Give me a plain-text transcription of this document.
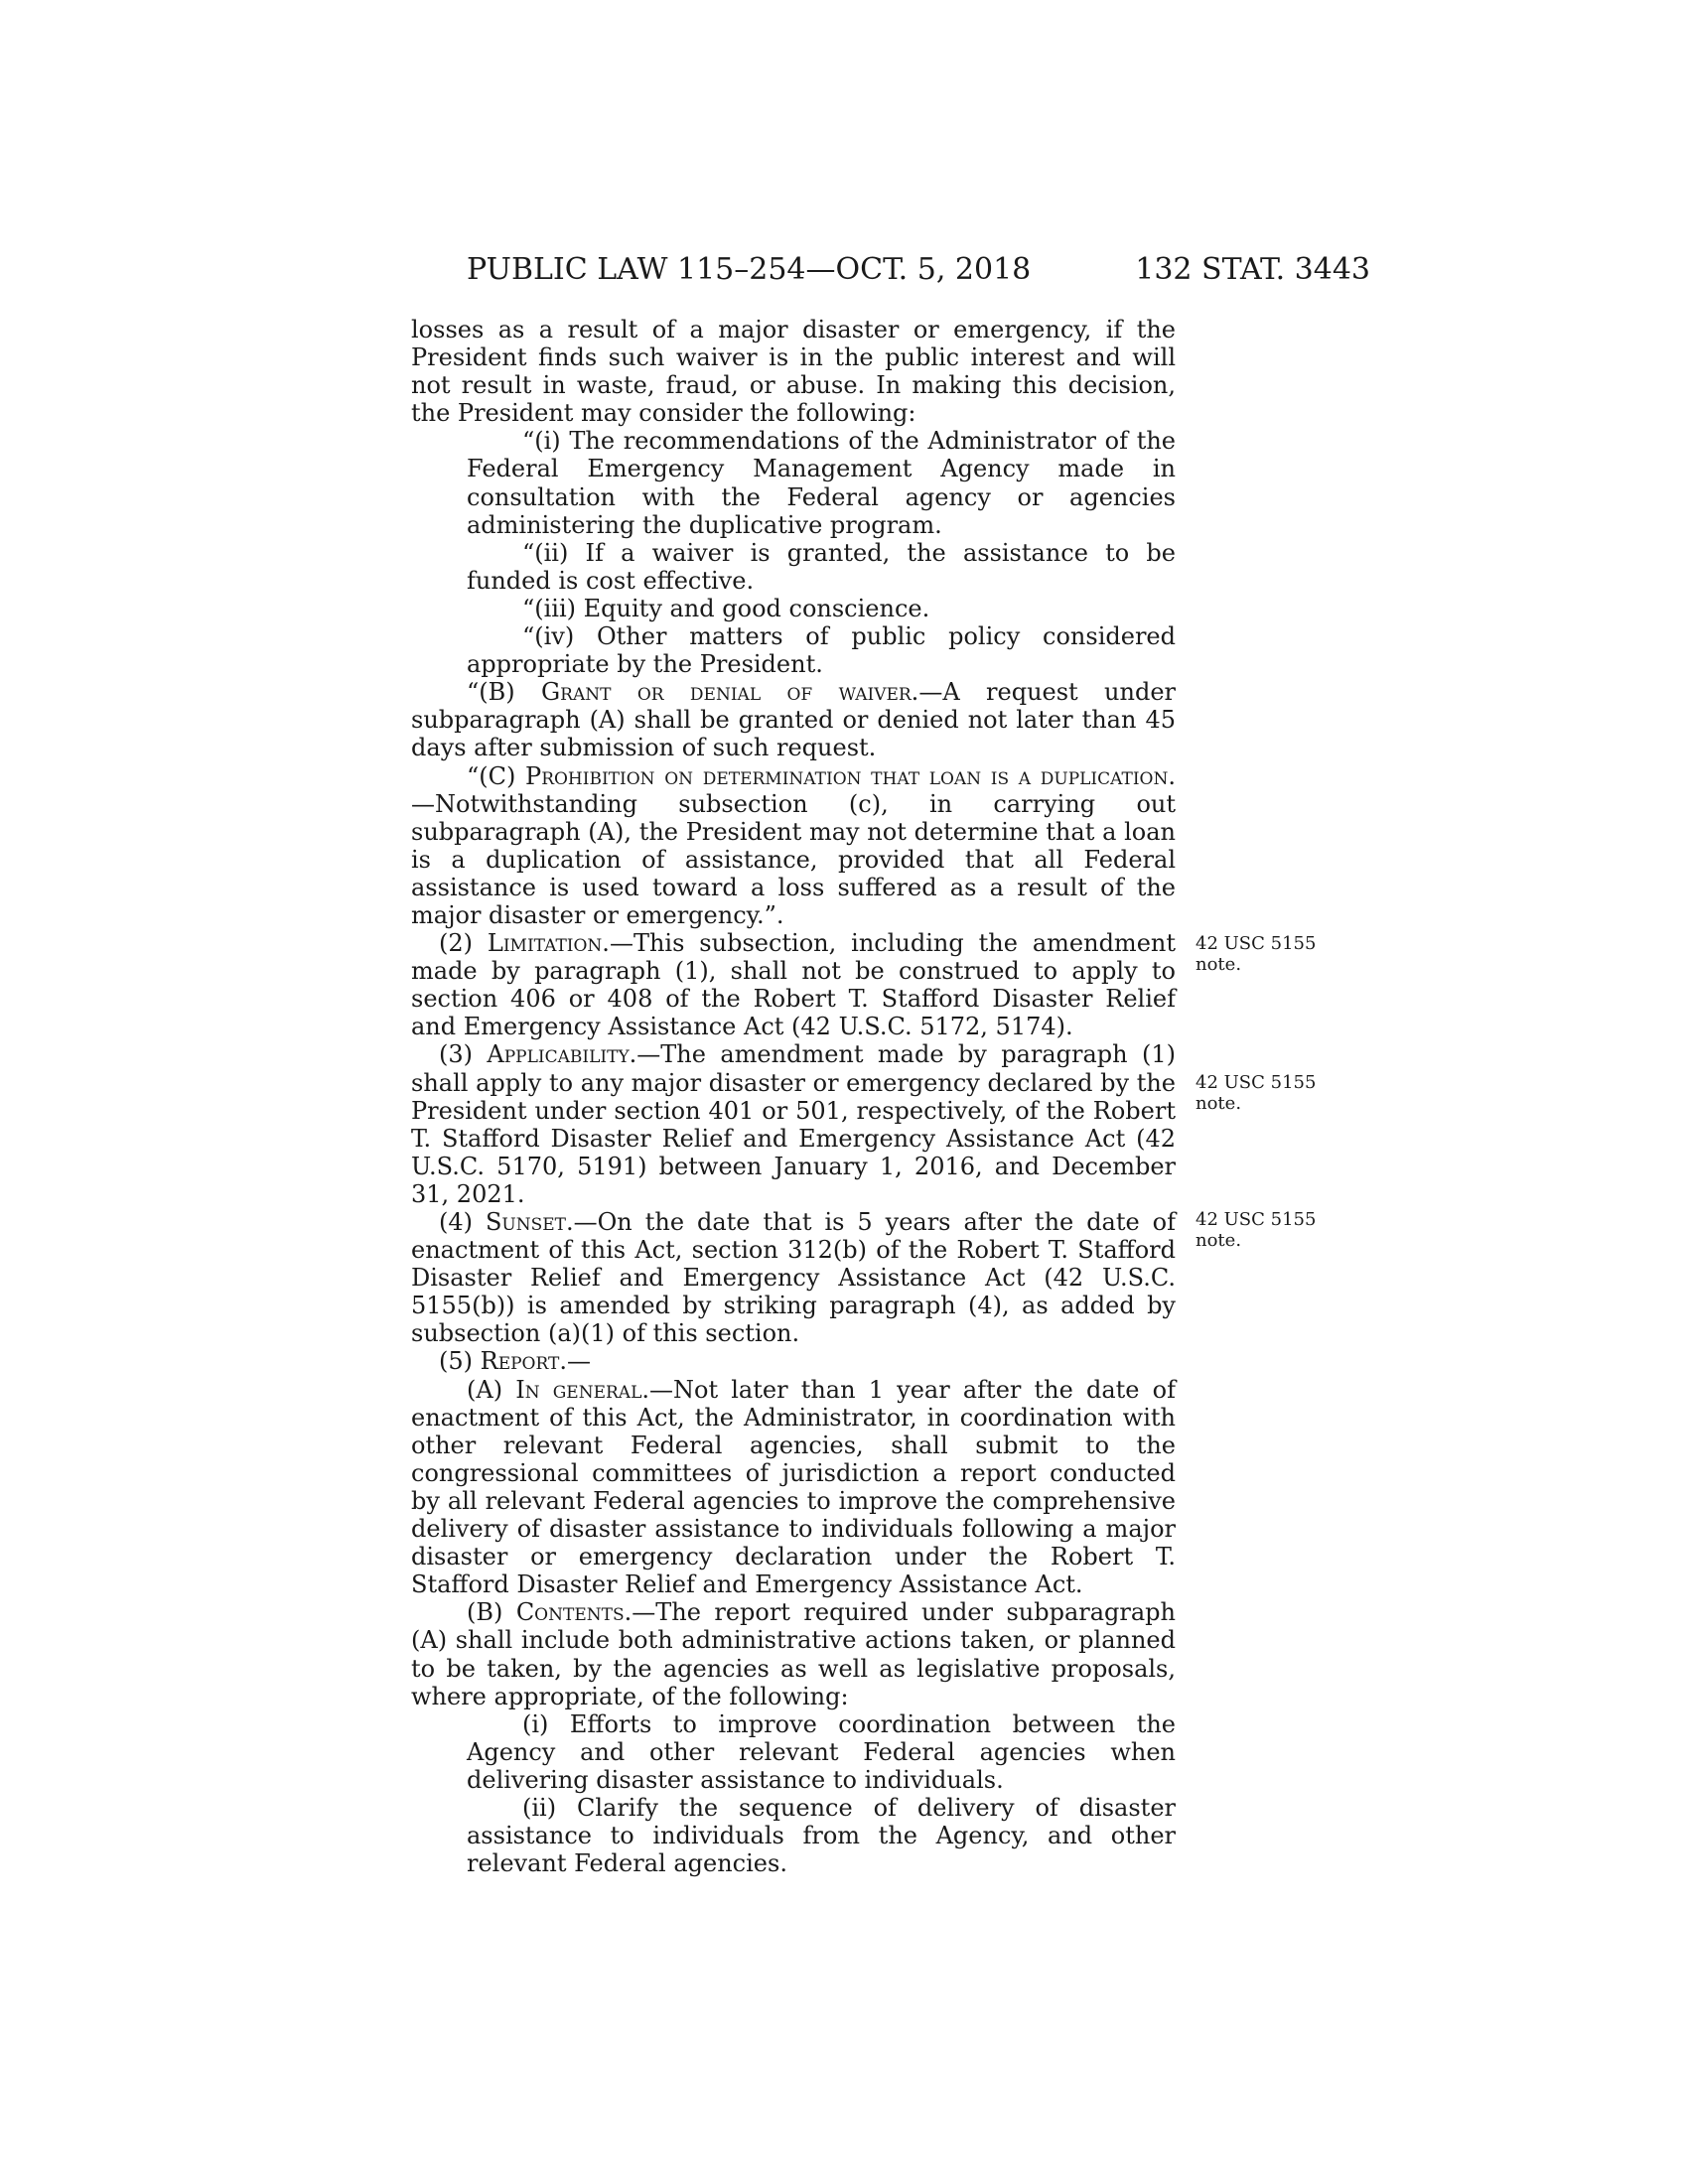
PUBLIC LAW 115–254—OCT. 5, 2018	132 STAT. 3443

losses as a result of a major disaster or emergency, if the President finds such waiver is in the public interest and will not result in waste, fraud, or abuse. In making this decision, the President may consider the following:

“(i) The recommendations of the Administrator of the Federal Emergency Management Agency made in consultation with the Federal agency or agencies administering the duplicative program.

“(ii) If a waiver is granted, the assistance to be funded is cost effective.

“(iii) Equity and good conscience.

“(iv) Other matters of public policy considered appropriate by the President.

“(B) Grant or denial of waiver.—A request under subparagraph (A) shall be granted or denied not later than 45 days after submission of such request.

“(C) Prohibition on determination that loan is a duplication.—Notwithstanding subsection (c), in carrying out subparagraph (A), the President may not determine that a loan is a duplication of assistance, provided that all Federal assistance is used toward a loss suffered as a result of the major disaster or emergency.”.

(2) Limitation.—This subsection, including the amendment made by paragraph (1), shall not be construed to apply to section 406 or 408 of the Robert T. Stafford Disaster Relief and Emergency Assistance Act (42 U.S.C. 5172, 5174).

(3) Applicability.—The amendment made by paragraph (1) shall apply to any major disaster or emergency declared by the President under section 401 or 501, respectively, of the Robert T. Stafford Disaster Relief and Emergency Assistance Act (42 U.S.C. 5170, 5191) between January 1, 2016, and December 31, 2021.

(4) Sunset.—On the date that is 5 years after the date of enactment of this Act, section 312(b) of the Robert T. Stafford Disaster Relief and Emergency Assistance Act (42 U.S.C. 5155(b)) is amended by striking paragraph (4), as added by subsection (a)(1) of this section.

(5) Report.—

(A) In general.—Not later than 1 year after the date of enactment of this Act, the Administrator, in coordination with other relevant Federal agencies, shall submit to the congressional committees of jurisdiction a report conducted by all relevant Federal agencies to improve the comprehensive delivery of disaster assistance to individuals following a major disaster or emergency declaration under the Robert T. Stafford Disaster Relief and Emergency Assistance Act.

(B) Contents.—The report required under subparagraph (A) shall include both administrative actions taken, or planned to be taken, by the agencies as well as legislative proposals, where appropriate, of the following:

(i) Efforts to improve coordination between the Agency and other relevant Federal agencies when delivering disaster assistance to individuals.

(ii) Clarify the sequence of delivery of disaster assistance to individuals from the Agency, and other relevant Federal agencies.

42 USC 5155
note.
42 USC 5155
note.
42 USC 5155
note.
